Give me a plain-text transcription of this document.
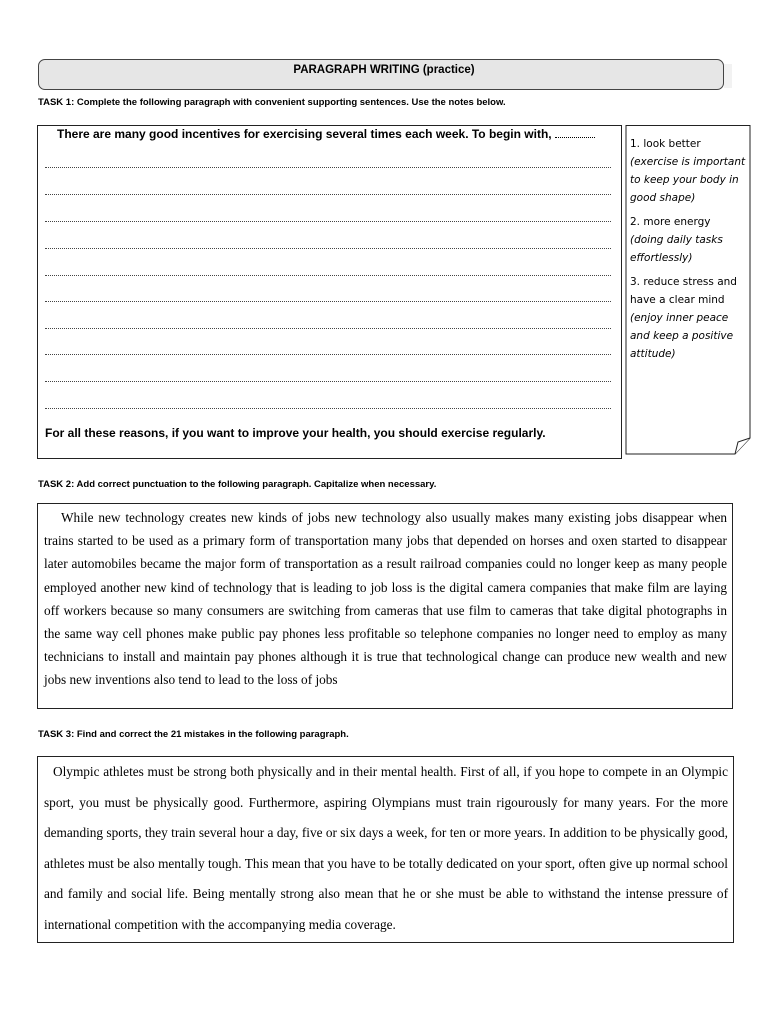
PARAGRAPH WRITING (practice)
TASK 1: Complete the following paragraph with convenient supporting sentences. Use the notes below.
There are many good incentives for exercising several times each week. To begin with,
For all these reasons, if you want to improve your health, you should exercise regularly.
1. look better
(exercise is important to keep your body in good shape)
2. more energy
(doing daily tasks effortlessly)
3. reduce stress and have a clear mind
(enjoy inner peace and keep a positive attitude)
TASK 2: Add correct punctuation to the following paragraph. Capitalize when necessary.
While new technology creates new kinds of jobs new technology also usually makes many existing jobs disappear when trains started to be used as a primary form of transportation many jobs that depended on horses and oxen started to disappear later automobiles became the major form of transportation as a result railroad companies could no longer keep as many people employed another new kind of technology that is leading to job loss is the digital camera companies that make film are laying off workers because so many consumers are switching from cameras that use film to cameras that take digital photographs in the same way cell phones make public pay phones less profitable so telephone companies no longer need to employ as many technicians to install and maintain pay phones although it is true that technological change can produce new wealth and new jobs new inventions also tend to lead to the loss of jobs
TASK 3: Find and correct the 21 mistakes in the following paragraph.
Olympic athletes must be strong both physically and in their mental health. First of all, if you hope to compete in an Olympic sport, you must be physically good. Furthermore, aspiring Olympians must train rigourously for many years. For the more demanding sports, they train several hour a day, five or six days a week, for ten or more years. In addition to be physically good, athletes must be also mentally tough. This mean that you have to be totally dedicated on your sport, often give up normal school and family and social life. Being mentally strong also mean that he or she must be able to withstand the intense pressure of international competition with the accompanying media coverage.
